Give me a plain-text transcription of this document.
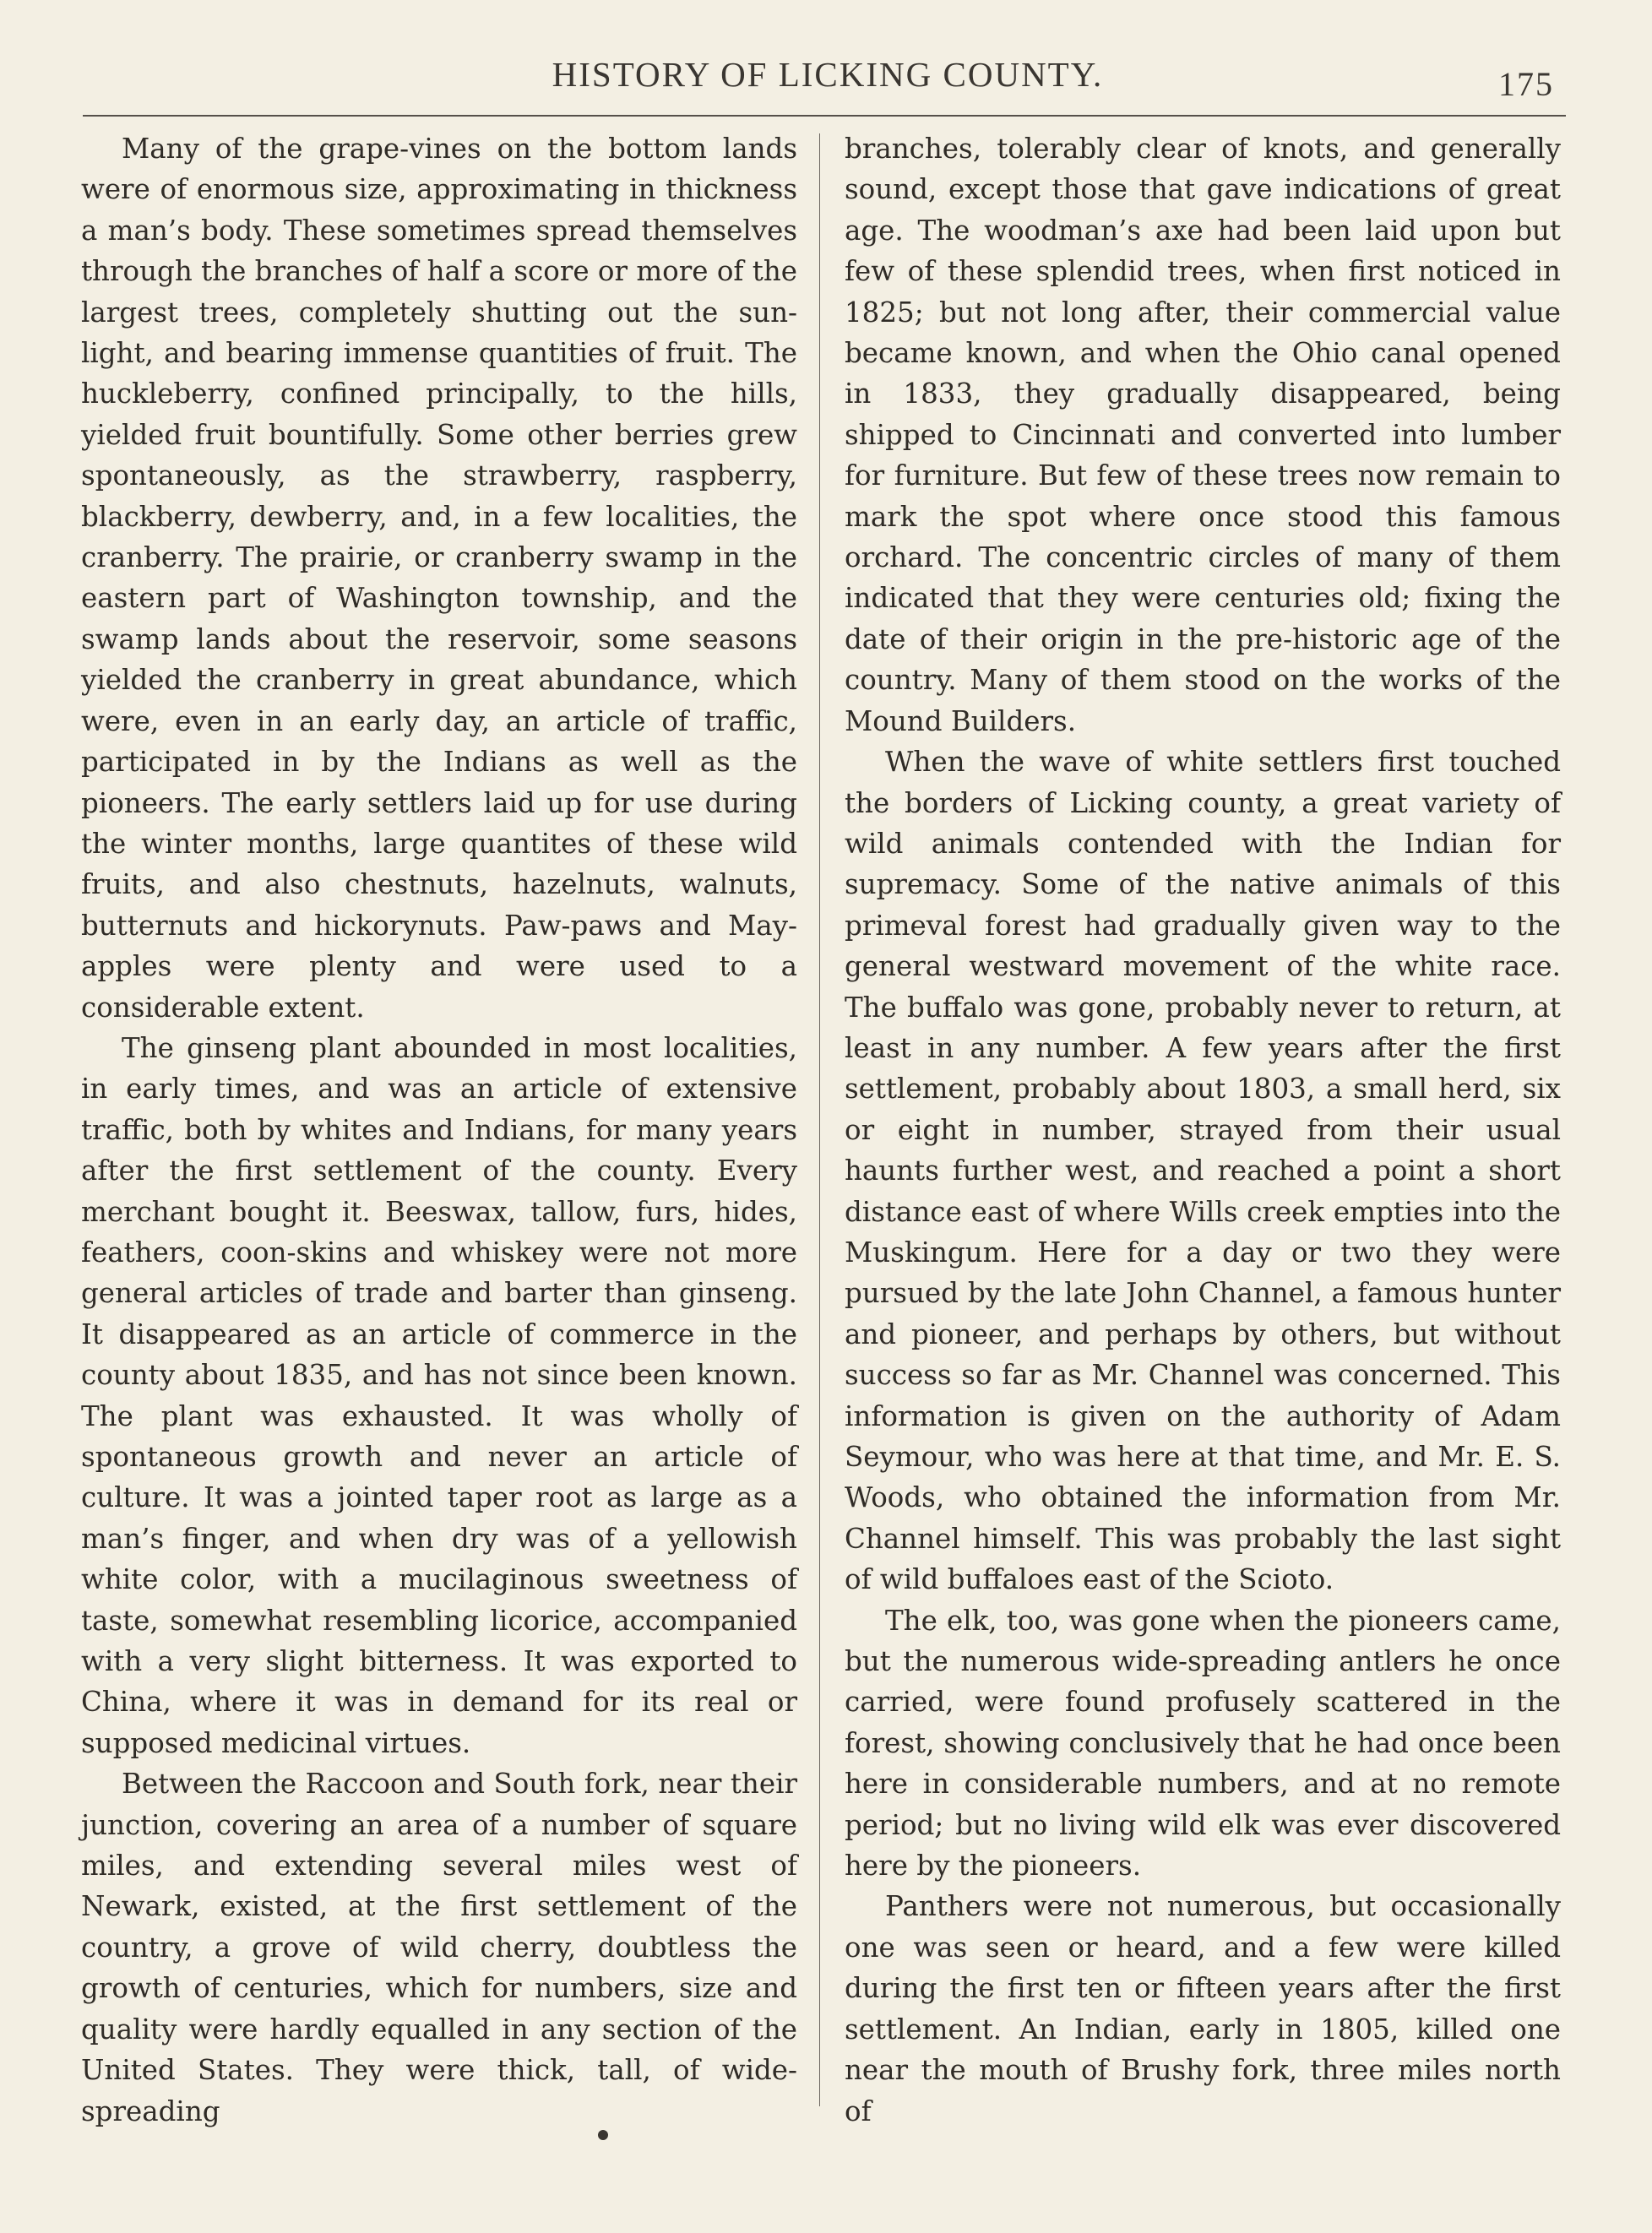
HISTORY OF LICKING COUNTY.	175

Many of the grape-vines on the bottom lands were of enormous size, approximating in thickness a man’s body. These sometimes spread themselves through the branches of half a score or more of the largest trees, completely shutting out the sun-light, and bearing immense quantities of fruit. The huckleberry, confined principally, to the hills, yielded fruit bountifully. Some other berries grew spontaneously, as the strawberry, raspberry, blackberry, dewberry, and, in a few localities, the cranberry. The prairie, or cranberry swamp in the eastern part of Washington township, and the swamp lands about the reservoir, some seasons yielded the cranberry in great abundance, which were, even in an early day, an article of traffic, participated in by the Indians as well as the pioneers. The early settlers laid up for use during the winter months, large quantites of these wild fruits, and also chestnuts, hazelnuts, walnuts, butternuts and hickorynuts. Paw-paws and May-apples were plenty and were used to a considerable extent.

The ginseng plant abounded in most localities, in early times, and was an article of extensive traffic, both by whites and Indians, for many years after the first settlement of the county. Every merchant bought it. Beeswax, tallow, furs, hides, feathers, coon-skins and whiskey were not more general articles of trade and barter than ginseng. It disappeared as an article of commerce in the county about 1835, and has not since been known. The plant was exhausted. It was wholly of spontaneous growth and never an article of culture. It was a jointed taper root as large as a man’s finger, and when dry was of a yellowish white color, with a mucilaginous sweetness of taste, somewhat resembling licorice, accompanied with a very slight bitterness. It was exported to China, where it was in demand for its real or supposed medicinal virtues.

Between the Raccoon and South fork, near their junction, covering an area of a number of square miles, and extending several miles west of Newark, existed, at the first settlement of the country, a grove of wild cherry, doubtless the growth of centuries, which for numbers, size and quality were hardly equalled in any section of the United States. They were thick, tall, of wide-spreading

branches, tolerably clear of knots, and generally sound, except those that gave indications of great age. The woodman’s axe had been laid upon but few of these splendid trees, when first noticed in 1825; but not long after, their commercial value became known, and when the Ohio canal opened in 1833, they gradually disappeared, being shipped to Cincinnati and converted into lumber for furniture. But few of these trees now remain to mark the spot where once stood this famous orchard. The concentric circles of many of them indicated that they were centuries old; fixing the date of their origin in the pre-historic age of the country. Many of them stood on the works of the Mound Builders.

When the wave of white settlers first touched the borders of Licking county, a great variety of wild animals contended with the Indian for supremacy. Some of the native animals of this primeval forest had gradually given way to the general westward movement of the white race. The buffalo was gone, probably never to return, at least in any number. A few years after the first settlement, probably about 1803, a small herd, six or eight in number, strayed from their usual haunts further west, and reached a point a short distance east of where Wills creek empties into the Muskingum. Here for a day or two they were pursued by the late John Channel, a famous hunter and pioneer, and perhaps by others, but without success so far as Mr. Channel was concerned. This information is given on the authority of Adam Seymour, who was here at that time, and Mr. E. S. Woods, who obtained the information from Mr. Channel himself. This was probably the last sight of wild buffaloes east of the Scioto.

The elk, too, was gone when the pioneers came, but the numerous wide-spreading antlers he once carried, were found profusely scattered in the forest, showing conclusively that he had once been here in considerable numbers, and at no remote period; but no living wild elk was ever discovered here by the pioneers.

Panthers were not numerous, but occasionally one was seen or heard, and a few were killed during the first ten or fifteen years after the first settlement. An Indian, early in 1805, killed one near the mouth of Brushy fork, three miles north of
